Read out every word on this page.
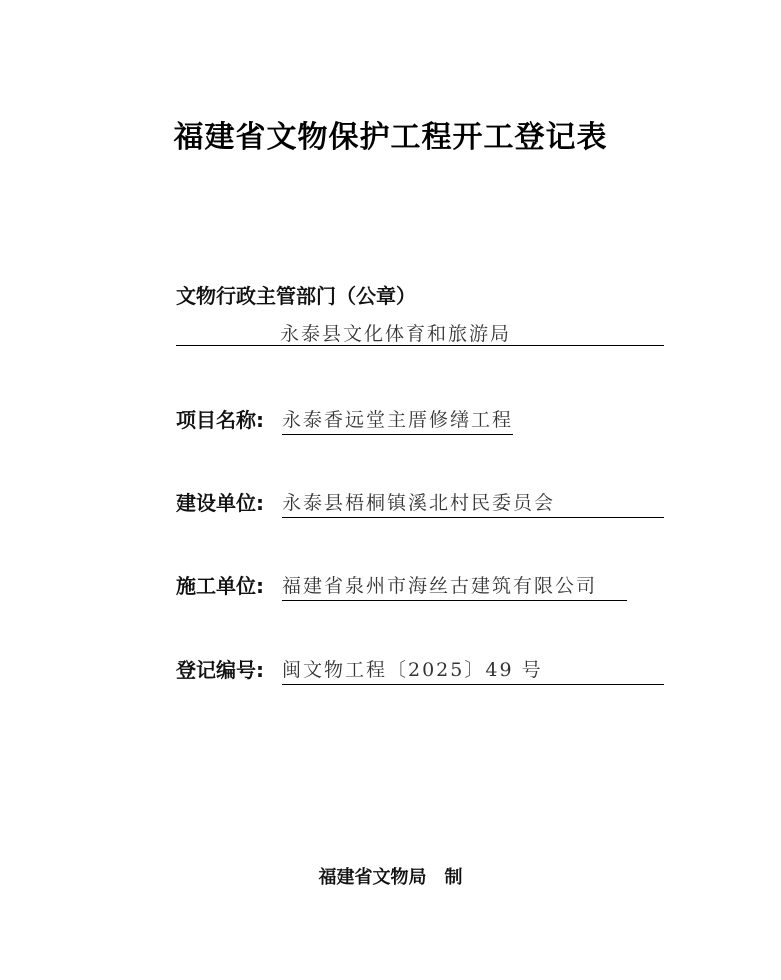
福建省文物保护工程开工登记表
文物行政主管部门（公章）
永泰县文化体育和旅游局
项目名称: 永泰香远堂主厝修缮工程
建设单位: 永泰县梧桐镇溪北村民委员会
施工单位: 福建省泉州市海丝古建筑有限公司
登记编号: 闽文物工程〔2025〕49 号
福建省文物局　制
